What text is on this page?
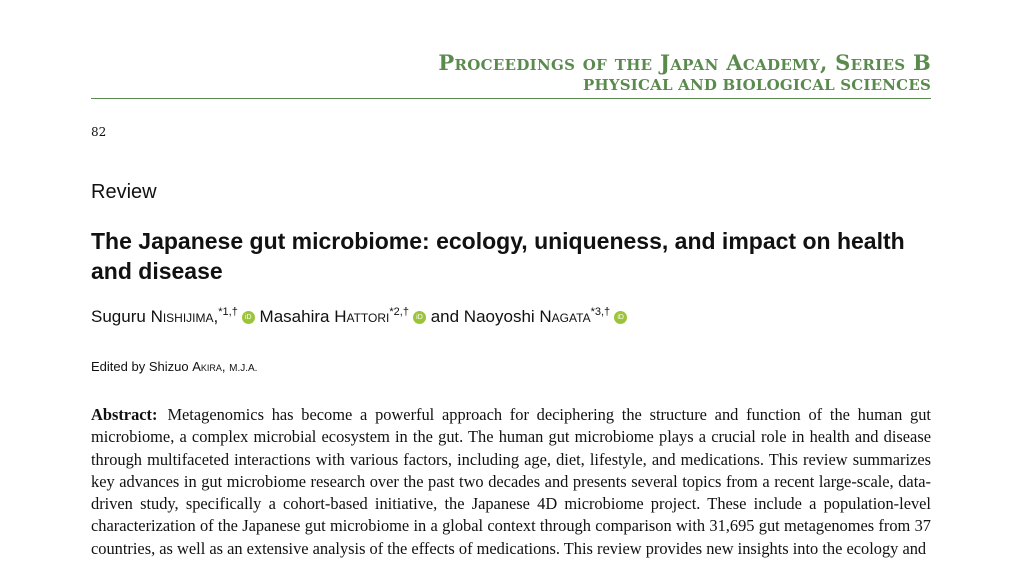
Proceedings of the Japan Academy, Series B
PHYSICAL AND BIOLOGICAL SCIENCES
82
Review
The Japanese gut microbiome: ecology, uniqueness, and impact on health and disease
Suguru Nishijima,$^{*1,\dagger}$ iD Masahira Hattori$^{*2,\dagger}$ iD and Naoyoshi Nagata$^{*3,\dagger}$ iD
Edited by Shizuo Akira, M.J.A.
Abstract: Metagenomics has become a powerful approach for deciphering the structure and function of the human gut microbiome, a complex microbial ecosystem in the gut. The human gut microbiome plays a crucial role in health and disease through multifaceted interactions with various factors, including age, diet, lifestyle, and medications. This review summarizes key advances in gut microbiome research over the past two decades and presents several topics from a recent large-scale, data-driven study, specifically a cohort-based initiative, the Japanese 4D microbiome project. These include a population-level characterization of the Japanese gut microbiome in a global context through comparison with 31,695 gut metagenomes from 37 countries, as well as an extensive analysis of the effects of medications. This review provides new insights into the ecology and
